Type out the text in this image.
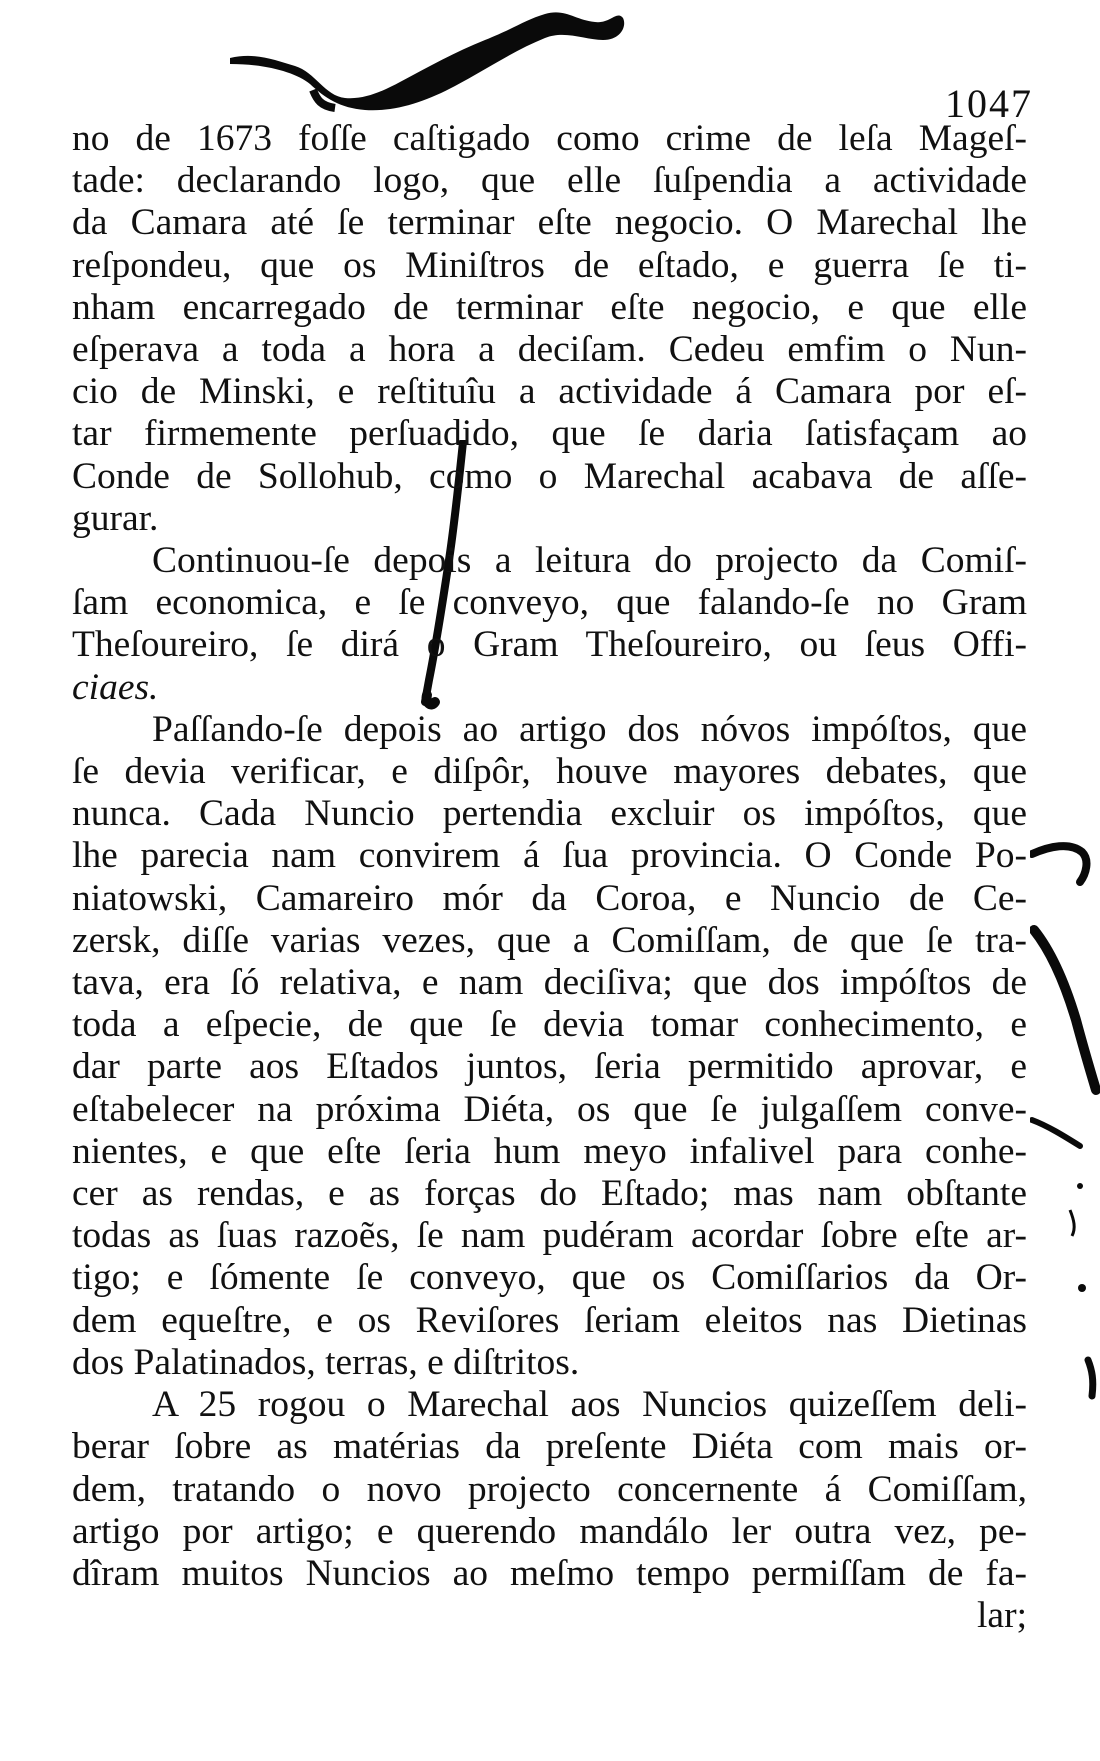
1047
no de 1673 foſſe caſtigado como crime de leſa Mageſ-
tade: declarando logo, que elle ſuſpendia a actividade
da Camara até ſe terminar eſte negocio. O Marechal lhe
reſpondeu, que os Miniſtros de eſtado, e guerra ſe ti-
nham encarregado de terminar eſte negocio, e que elle
eſperava a toda a hora a deciſam. Cedeu emfim o Nun-
cio de Minski, e reſtituîu a actividade á Camara por eſ-
tar firmemente perſuadido, que ſe daria ſatisfaçam ao
Conde de Sollohub, como o Marechal acabava de aſſe-
gurar.
Continuou-ſe depois a leitura do projecto da Comiſ-
ſam economica, e ſe conveyo, que falando-ſe no Gram
Theſoureiro, ſe dirá o Gram Theſoureiro, ou ſeus Offi-
ciaes.
Paſſando-ſe depois ao artigo dos nóvos impóſtos, que
ſe devia verificar, e diſpôr, houve mayores debates, que
nunca. Cada Nuncio pertendia excluir os impóſtos, que
lhe parecia nam convirem á ſua provincia. O Conde Po-
niatowski, Camareiro mór da Coroa, e Nuncio de Ce-
zersk, diſſe varias vezes, que a Comiſſam, de que ſe tra-
tava, era ſó relativa, e nam deciſiva; que dos impóſtos de
toda a eſpecie, de que ſe devia tomar conhecimento, e
dar parte aos Eſtados juntos, ſeria permitido aprovar, e
eſtabelecer na próxima Diéta, os que ſe julgaſſem conve-
nientes, e que eſte ſeria hum meyo infalivel para conhe-
cer as rendas, e as forças do Eſtado; mas nam obſtante
todas as ſuas razoẽs, ſe nam pudéram acordar ſobre eſte ar-
tigo; e ſómente ſe conveyo, que os Comiſſarios da Or-
dem equeſtre, e os Reviſores ſeriam eleitos nas Dietinas
dos Palatinados, terras, e diſtritos.
A 25 rogou o Marechal aos Nuncios quizeſſem deli-
berar ſobre as matérias da preſente Diéta com mais or-
dem, tratando o novo projecto concernente á Comiſſam,
artigo por artigo; e querendo mandálo ler outra vez, pe-
dîram muitos Nuncios ao meſmo tempo permiſſam de fa-
lar;
